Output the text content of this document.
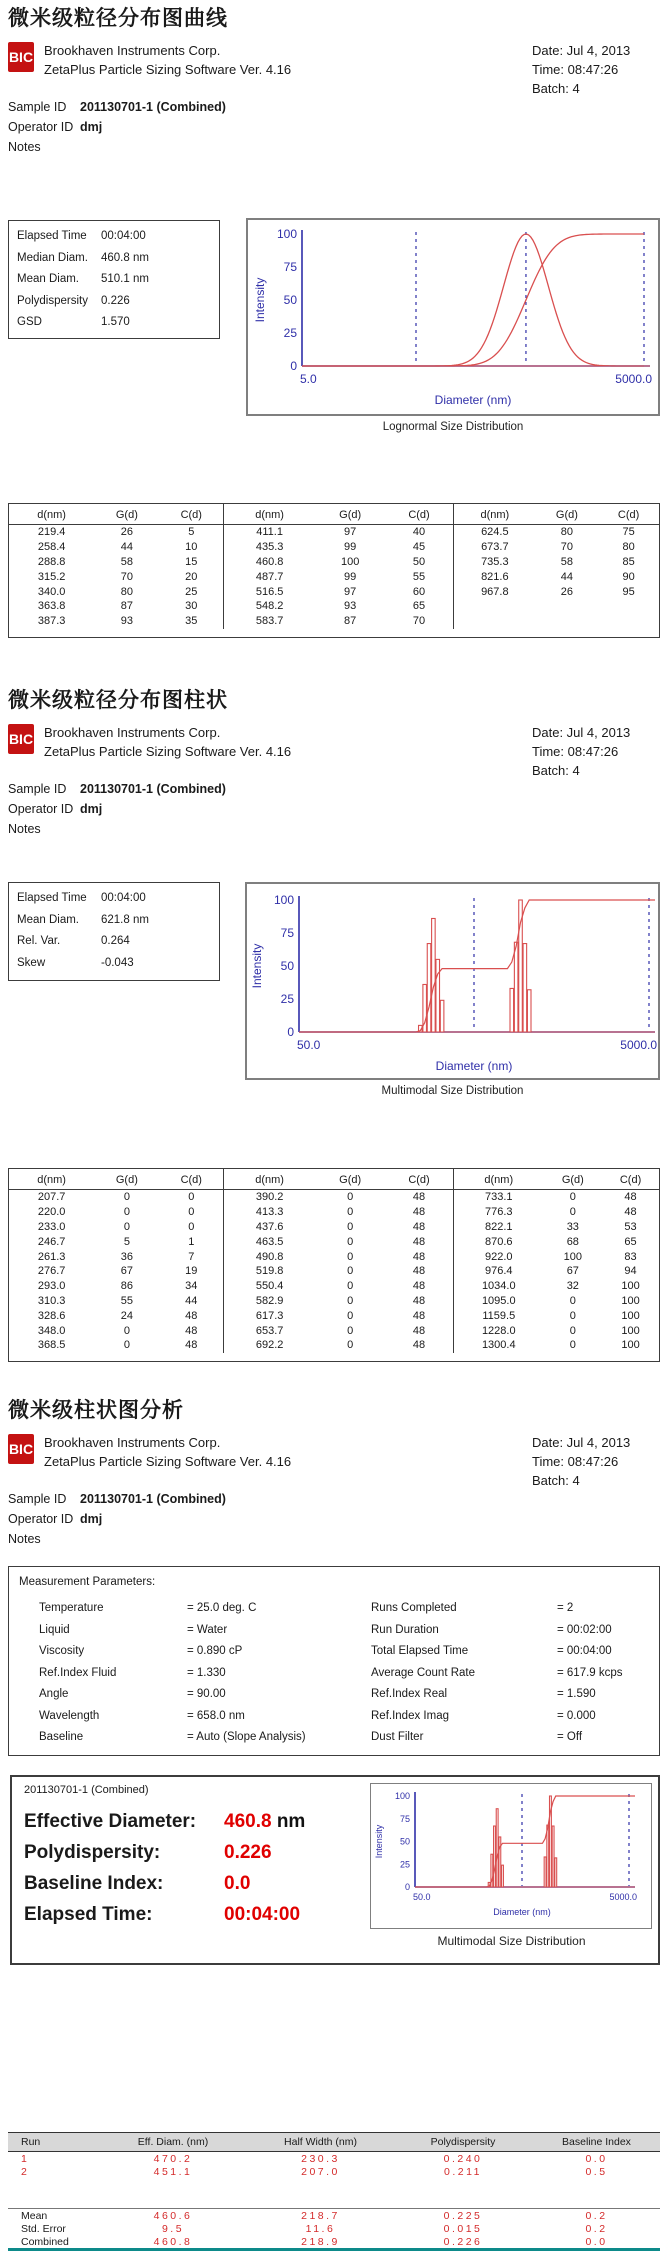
微米级粒径分布图曲线
BIC Brookhaven Instruments Corp.
ZetaPlus Particle Sizing Software Ver. 4.16
Date: Jul 4, 2013
Time: 08:47:26
Batch: 4
Sample ID 201130701-1 (Combined)
Operator ID dmj
Notes
Elapsed Time 00:04:00
Median Diam. 460.8 nm
Mean Diam. 510.1 nm
Polydispersity 0.226
GSD	1.570
0
25
50
75
100
5.0	5000.0
Diameter (nm)
Intensity
Lognormal Size Distribution
d(nm)	G(d)	C(d)
219.4	26	5
258.4	44	10
288.8	58	15
315.2	70	20
340.0	80	25
363.8	87	30
387.3	93	35
d(nm)	G(d)	C(d)
411.1	97	40
435.3	99	45
460.8	100	50
487.7	99	55
516.5	97	60
548.2	93	65
583.7	87	70
d(nm)	G(d)	C(d)
624.5	80	75
673.7	70	80
735.3	58	85
821.6	44	90
967.8	26	95
微米级粒径分布图柱状
BIC Brookhaven Instruments Corp.
ZetaPlus Particle Sizing Software Ver. 4.16
Date: Jul 4, 2013
Time: 08:47:26
Batch: 4
Sample ID 201130701-1 (Combined)
Operator ID dmj
Notes
Elapsed Time 00:04:00
Mean Diam. 621.8 nm
Rel. Var.	0.264
Skew	-0.043
0
25
50
75
100
50.0	5000.0
Diameter (nm)
Intensity
Multimodal Size Distribution
d(nm)	G(d)	C(d)
207.7	0	0
220.0	0	0
233.0	0	0
246.7	5	1
261.3	36	7
276.7	67	19
293.0	86	34
310.3	55	44
328.6	24	48
348.0	0	48
368.5	0	48
d(nm)	G(d)	C(d)
390.2	0	48
413.3	0	48
437.6	0	48
463.5	0	48
490.8	0	48
519.8	0	48
550.4	0	48
582.9	0	48
617.3	0	48
653.7	0	48
692.2	0	48
d(nm)	G(d)	C(d)
733.1	0	48
776.3	0	48
822.1	33	53
870.6	68	65
922.0	100	83
976.4	67	94
1034.0	32	100
1095.0	0	100
1159.5	0	100
1228.0	0	100
1300.4	0	100
微米级柱状图分析
BIC Brookhaven Instruments Corp.
ZetaPlus Particle Sizing Software Ver. 4.16
Date: Jul 4, 2013
Time: 08:47:26
Batch: 4
Sample ID 201130701-1 (Combined)
Operator ID dmj
Notes
Measurement Parameters:
Temperature	= 25.0 deg. C
Liquid	= Water
Viscosity	= 0.890 cP
Ref.Index Fluid	= 1.330
Angle	= 90.00
Wavelength	= 658.0 nm
Baseline	= Auto (Slope Analysis)
Runs Completed	= 2
Run Duration	= 00:02:00
Total Elapsed Time	= 00:04:00
Average Count Rate	= 617.9 kcps
Ref.Index Real	= 1.590
Ref.Index Imag	= 0.000
Dust Filter	= Off
201130701-1 (Combined)
Effective Diameter: 460.8 nm
Polydispersity:	0.226
Baseline Index:	0.0
Elapsed Time:	00:04:00
0
25
50
75
100
50.0	5000.0
Diameter (nm)
Intensity
Multimodal Size Distribution
Run	Eff. Diam. (nm)	Half Width (nm)	Polydispersity	Baseline Index
1	470.2	230.3	0.240	0.0
2	451.1	207.0	0.211	0.5

Mean	460.6	218.7	0.225	0.2
Std. Error	9.5	11.6	0.015	0.2
Combined	460.8	218.9	0.226	0.0
